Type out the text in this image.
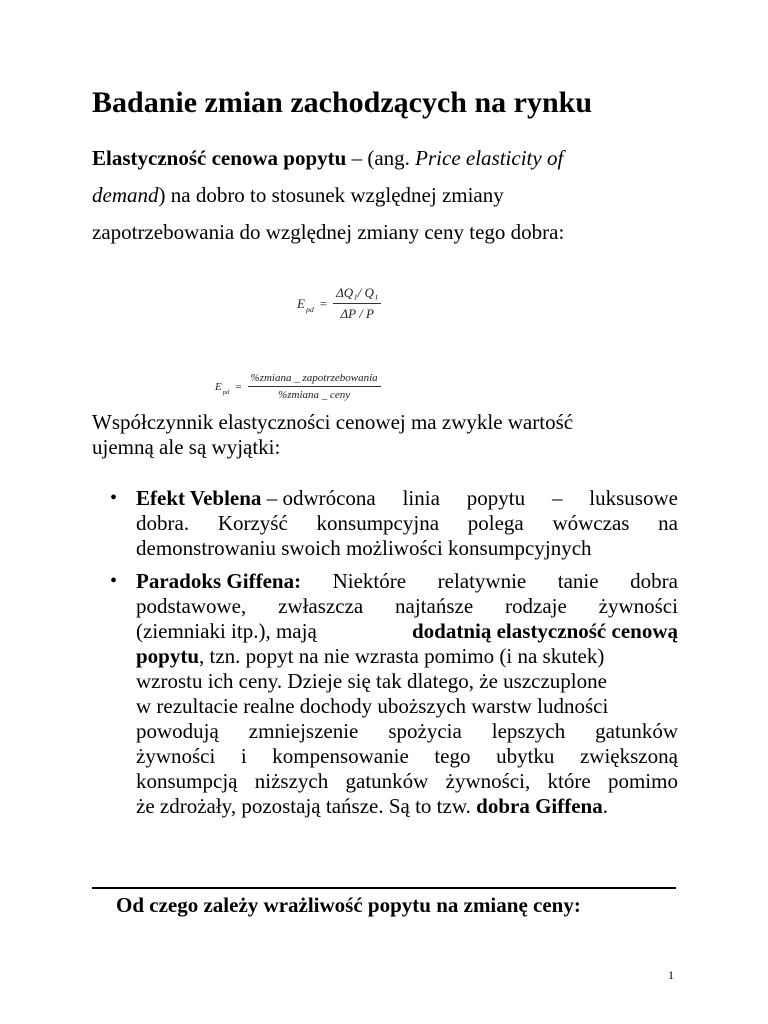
Badanie zmian zachodzących na rynku
Elastyczność cenowa popytu – (ang. Price elasticity of
demand) na dobro to stosunek względnej zmiany
zapotrzebowania do względnej zmiany ceny tego dobra:
E pd = $\frac{\text{ΔQ₁/ Q₁}}{\Delta P / P}$
E pd = $\frac{\text{\%zmiana \_ zapotrzebowania}}{\text{\%zmiana \_ ceny}}$
Współczynnik elastyczności cenowej ma zwykle wartość
ujemną ale są wyjątki:
• Efekt Veblena – odwrócona linia popytu – luksusowe
dobra. Korzyść konsumpcyjna polega wówczas na
demonstrowaniu swoich możliwości konsumpcyjnych
• Paradoks Giffena: Niektóre relatywnie tanie dobra
podstawowe, zwłaszcza najtańsze rodzaje żywności
(ziemniaki itp.), mają	dodatnią elastyczność cenową
popytu , tzn. popyt na nie wzrasta pomimo (i na skutek)
wzrostu ich ceny. Dzieje się tak dlatego, że uszczuplone
w rezultacie realne dochody uboższych warstw ludności
powodują zmniejszenie spożycia lepszych gatunków
żywności i kompensowanie tego ubytku zwiększoną
konsumpcją niższych gatunków żywności, które pomimo
że zdrożały, pozostają tańsze. Są to tzw. dobra Giffena .
Od czego zależy wrażliwość popytu na zmianę ceny:
1
